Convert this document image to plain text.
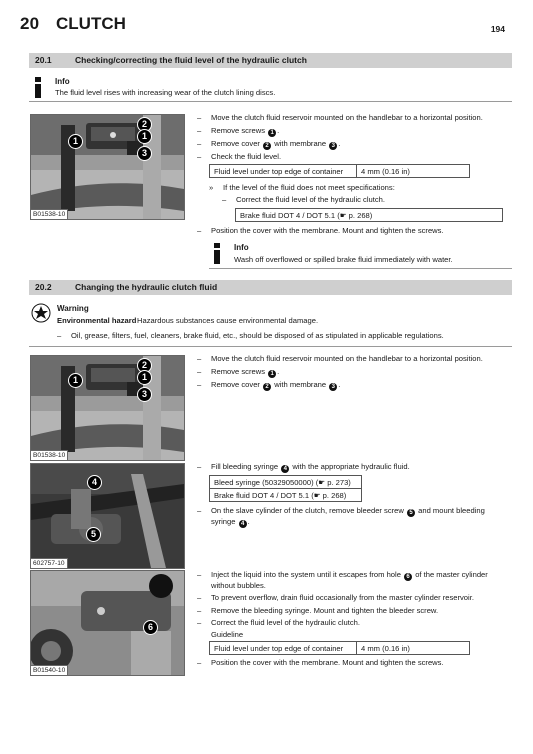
20 CLUTCH	194
20.1	Checking/correcting the fluid level of the hydraulic clutch
Info
The fluid level rises with increasing wear of the clutch lining discs.
2
1
1
3
B01538-10
– Move the clutch fluid reservoir mounted on the handlebar to a horizontal position.
– Remove screws 1 .
– Remove cover 2 with membrane 3 .
– Check the fluid level.
Fluid level under top edge of container	4 mm (0.16 in)
» If the level of the fluid does not meet specifications:
– Correct the fluid level of the hydraulic clutch.
Brake fluid DOT 4 / DOT 5.1 (☛ p. 268)
– Position the cover with the membrane. Mount and tighten the screws.
Info
Wash off overflowed or spilled brake fluid immediately with water.
20.2	Changing the hydraulic clutch fluid
Warning
Environmental hazard Hazardous substances cause environmental damage.
– Oil, grease, filters, fuel, cleaners, brake fluid, etc., should be disposed of as stipulated in applicable regulations.
2
1
1
3
B01538-10
– Move the clutch fluid reservoir mounted on the handlebar to a horizontal position.
– Remove screws 1 .
– Remove cover 2 with membrane 3 .
4
5
602757-10
– Fill bleeding syringe 4 with the appropriate hydraulic fluid.
Bleed syringe (50329050000) (☛ p. 273)
Brake fluid DOT 4 / DOT 5.1 (☛ p. 268)
– On the slave cylinder of the clutch, remove bleeder screw 5 and mount bleeding syringe 4 .
6
B01540-10
– Inject the liquid into the system until it escapes from hole 6 of the master cylinder without bubbles.
– To prevent overflow, drain fluid occasionally from the master cylinder reservoir.
– Remove the bleeding syringe. Mount and tighten the bleeder screw.
– Correct the fluid level of the hydraulic clutch.
Guideline
Fluid level under top edge of container	4 mm (0.16 in)
– Position the cover with the membrane. Mount and tighten the screws.
